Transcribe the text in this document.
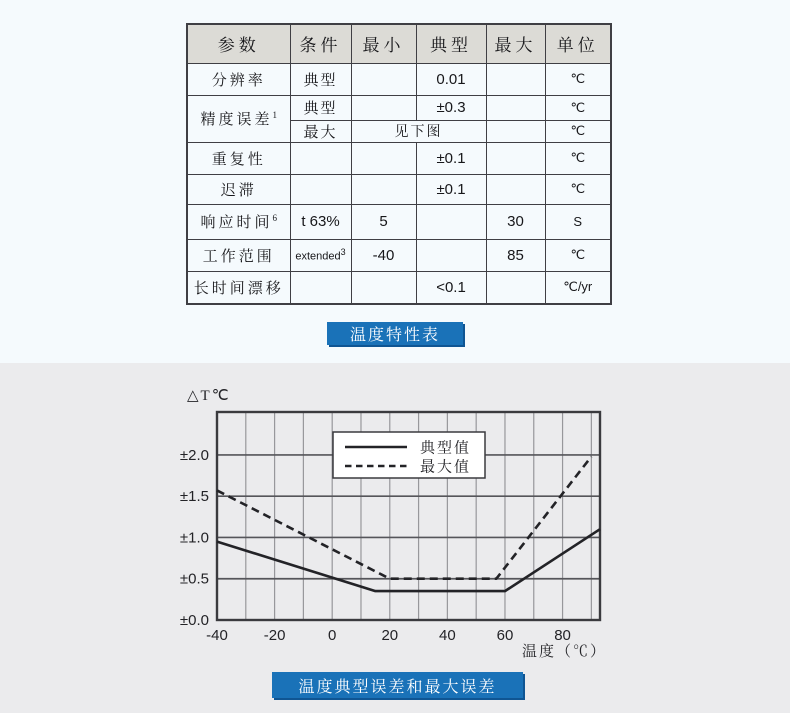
参数	条件	最小	典型	最大	单位
分辨率	典型		0.01		℃
精度误差$^1$	典型		±0.3		℃
	最大	见下图			℃
重复性			±0.1		℃
迟滞			±0.1		℃
响应时间$^6$	t 63%	5		30	S
工作范围	extended$^3$	-40		85	℃
长时间漂移			<0.1		℃/yr
温度特性表
-40 -20	0	20	40	60	80
±0.0
±0.5
±1.0
±1.5
±2.0
△T℃
温度（℃）
典型值
最大值
温度典型误差和最大误差
